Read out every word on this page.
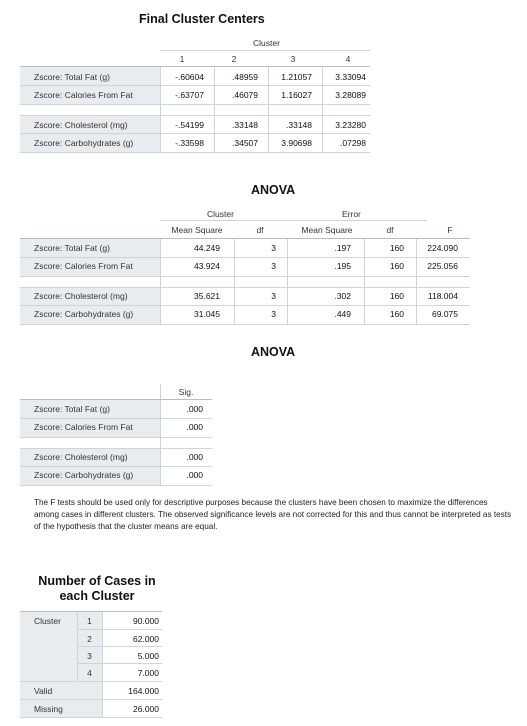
Final Cluster Centers
Cluster
1	2	3	4
Zscore: Total Fat (g)	-.60604	.48959	1.21057	3.33094
Zscore: Calories From Fat	-.63707	.46079	1.16027	3.28089
Zscore: Cholesterol (mg)	-.54199	.33148	.33148	3.23280
Zscore: Carbohydrates (g)	-.33598	.34507	3.90698	.07298
ANOVA
Cluster	Error
Mean Square	df	Mean Square	df	F
Zscore: Total Fat (g)	44.249	3	.197	160	224.090
Zscore: Calories From Fat	43.924	3	.195	160	225.056
Zscore: Cholesterol (mg)	35.621	3	.302	160	118.004
Zscore: Carbohydrates (g)	31.045	3	.449	160	69.075
ANOVA
Sig.
Zscore: Total Fat (g)	.000
Zscore: Calories From Fat	.000
Zscore: Cholesterol (mg)	.000
Zscore: Carbohydrates (g)	.000
The F tests should be used only for descriptive purposes because the clusters have been chosen to maximize the differences among cases in different clusters. The observed significance levels are not corrected for this and thus cannot be interpreted as tests of the hypothesis that the cluster means are equal.
Number of Cases in
each Cluster
Cluster	1	90.000
2	62.000
3	5.000
4	7.000
Valid	164.000
Missing	26.000
